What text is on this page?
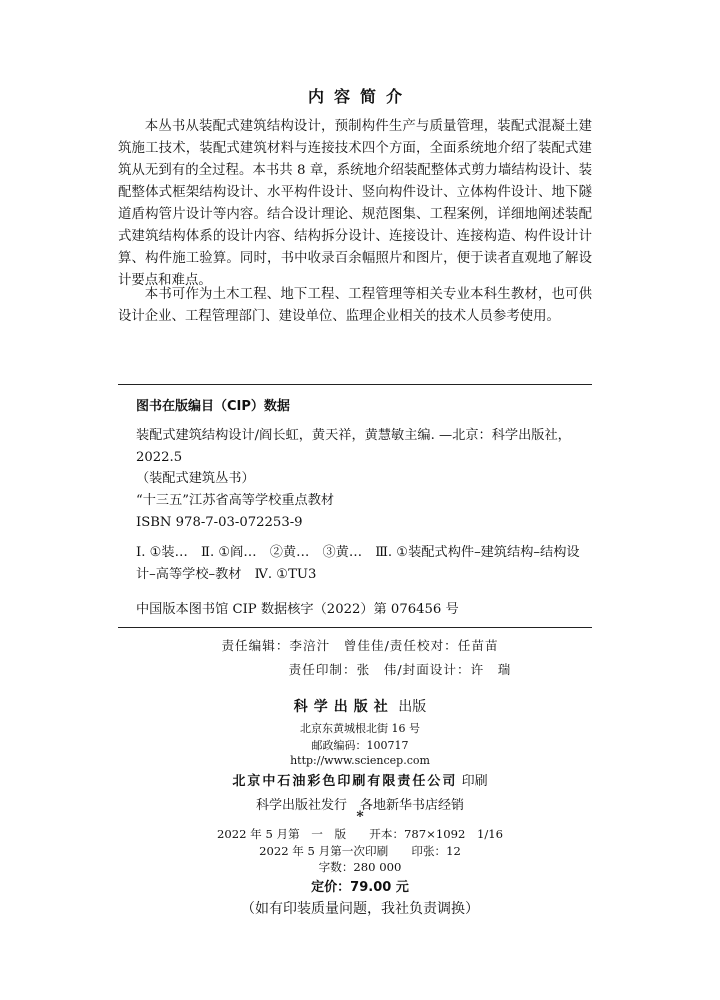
内容简介

本丛书从装配式建筑结构设计，预制构件生产与质量管理，装配式混凝土建筑施工技术，装配式建筑材料与连接技术四个方面，全面系统地介绍了装配式建筑从无到有的全过程。本书共 8 章，系统地介绍装配整体式剪力墙结构设计、装配整体式框架结构设计、水平构件设计、竖向构件设计、立体构件设计、地下隧道盾构管片设计等内容。结合设计理论、规范图集、工程案例，详细地阐述装配式建筑结构体系的设计内容、结构拆分设计、连接设计、连接构造、构件设计计算、构件施工验算。同时，书中收录百余幅照片和图片，便于读者直观地了解设计要点和难点。

本书可作为土木工程、地下工程、工程管理等相关专业本科生教材，也可供设计企业、工程管理部门、建设单位、监理企业相关的技术人员参考使用。

图书在版编目（CIP）数据

装配式建筑结构设计/阎长虹，黄天祥，黄慧敏主编. —北京：科学出版社，2022.5

（装配式建筑丛书）

“十三五”江苏省高等学校重点教材

ISBN 978-7-03-072253-9

Ⅰ. ①装…　Ⅱ. ①阎…　②黄…　③黄…　Ⅲ. ①装配式构件–建筑结构–结构设计–高等学校–教材　Ⅳ. ①TU3

中国版本图书馆 CIP 数据核字（2022）第 076456 号

责任编辑：李涪汁　曾佳佳/责任校对：任苗苗
责任印制：张　伟/封面设计：许　瑞
科学出版社 出版
北京东黄城根北街 16 号
邮政编码：100717
http://www.sciencep.com
北京中石油彩色印刷有限责任公司 印刷
科学出版社发行　各地新华书店经销
*
2022 年 5 月第　一　版　　开本：787×1092　1/16
2022 年 5 月第一次印刷　　印张：12
字数：280 000
定价：79.00 元
（如有印装质量问题，我社负责调换）
